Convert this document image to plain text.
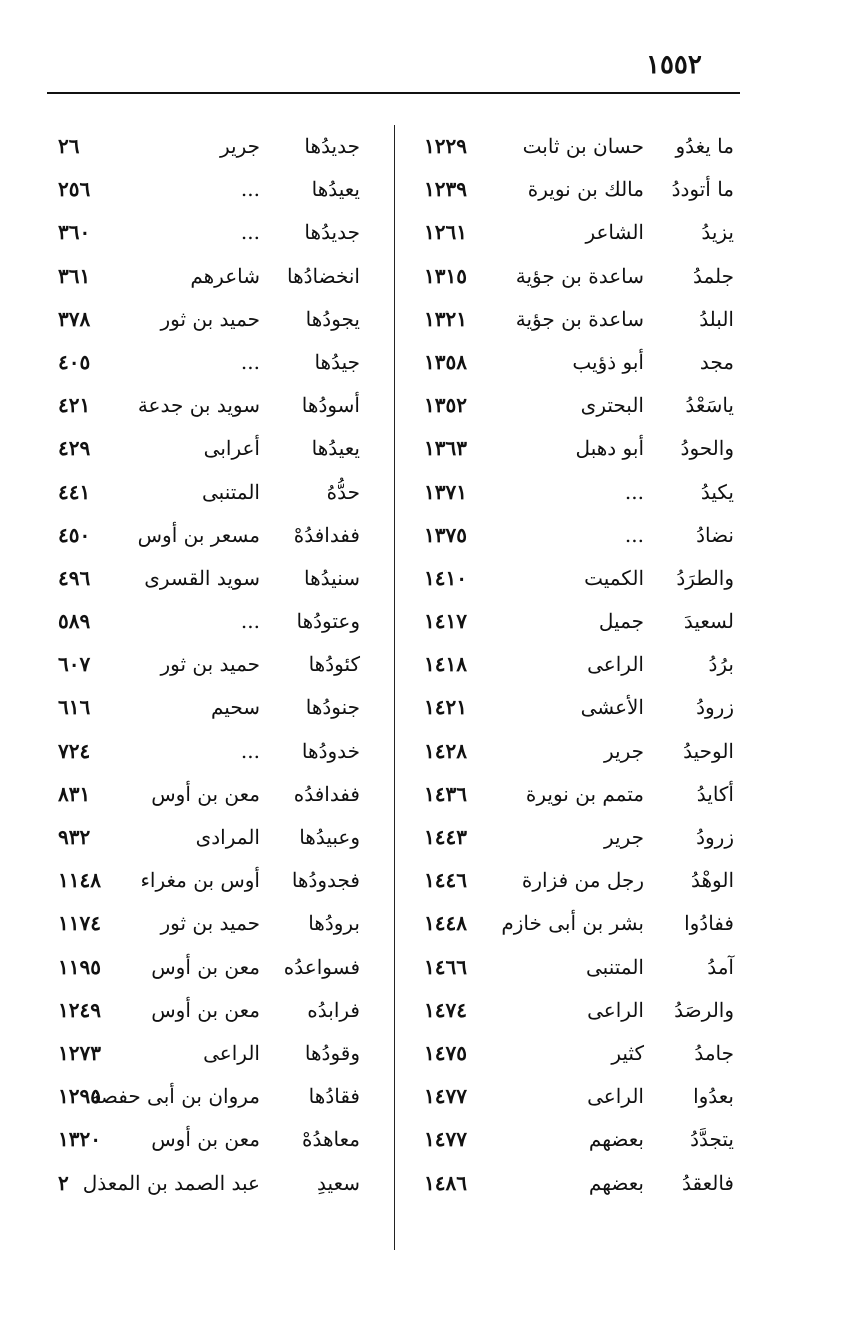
١٥٥٢
ما يغدُو
حسان بن ثابت
١٢٢٩
ما أتوددُ
مالك بن نويرة
١٢٣٩
يزيدُ
الشاعر
١٢٦١
جلمدُ
ساعدة بن جؤية
١٣١٥
البلدُ
ساعدة بن جؤية
١٣٢١
مجد
أبو ذؤيب
١٣٥٨
ياسَعْدُ
البحترى
١٣٥٢
والحودُ
أبو دهبل
١٣٦٣
يكيدُ
...
١٣٧١
نضادُ
...
١٣٧٥
والطرَدُ
الكميت
١٤١٠
لسعيدَ
جميل
١٤١٧
برُدُ
الراعى
١٤١٨
زرودُ
الأعشى
١٤٢١
الوحيدُ
جرير
١٤٢٨
أكايدُ
متمم بن نويرة
١٤٣٦
زرودُ
جرير
١٤٤٣
الوهْدُ
رجل من فزارة
١٤٤٦
ففادُوا
بشر بن أبى خازم
١٤٤٨
آمدُ
المتنبى
١٤٦٦
والرصَدُ
الراعى
١٤٧٤
جامدُ
كثير
١٤٧٥
بعدُوا
الراعى
١٤٧٧
يتجدَّدُ
بعضهم
١٤٧٧
فالعقدُ
بعضهم
١٤٨٦
جديدُها
جرير
٢٦
يعيدُها
...
٢٥٦
جديدُها
...
٣٦٠
انخضادُها
شاعرهم
٣٦١
يجودُها
حميد بن ثور
٣٧٨
جيدُها
...
٤٠٥
أسودُها
سويد بن جدعة
٤٢١
يعيدُها
أعرابى
٤٢٩
حدُّهُ
المتنبى
٤٤١
ففدافدُهْ
مسعر بن أوس
٤٥٠
سنيدُها
سويد القسرى
٤٩٦
وعتودُها
...
٥٨٩
كئودُها
حميد بن ثور
٦٠٧
جنودُها
سحيم
٦١٦
خدودُها
...
٧٢٤
ففدافدُه
معن بن أوس
٨٣١
وعبيدُها
المرادى
٩٣٢
فجدودُها
أوس بن مغراء
١١٤٨
برودُها
حميد بن ثور
١١٧٤
فسواعدُه
معن بن أوس
١١٩٥
فرابدُه
معن بن أوس
١٢٤٩
وقودُها
الراعى
١٢٧٣
فقادُها
مروان بن أبى حفصة
١٢٩٥
معاهدُهْ
معن بن أوس
١٣٢٠
سعيدِ
عبد الصمد بن المعذل
٢
